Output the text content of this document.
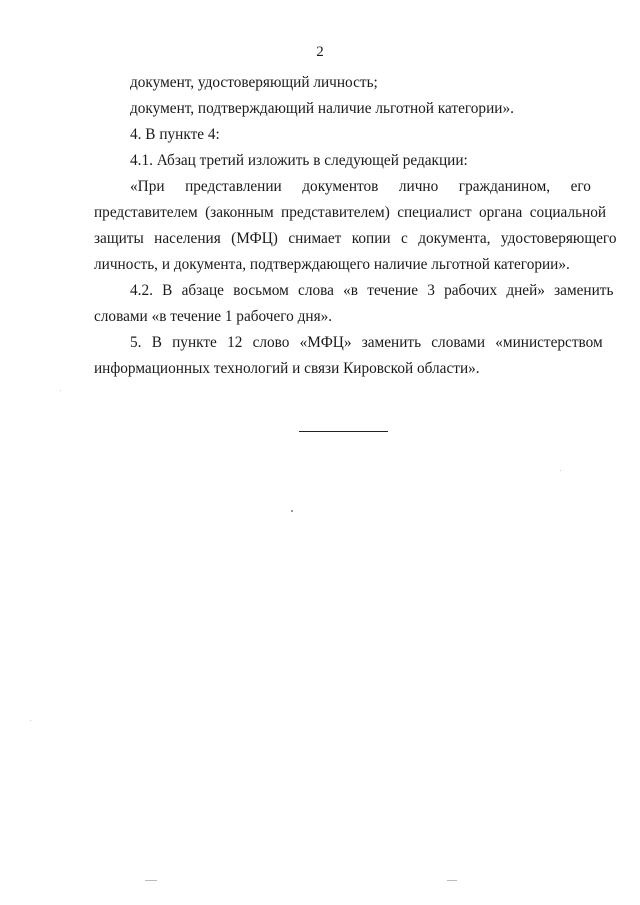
2
документ, удостоверяющий личность;
документ, подтверждающий наличие льготной категории».
4. В пункте 4:
4.1. Абзац третий изложить в следующей редакции:
«При представлении документов лично гражданином, его
представителем (законным представителем) специалист органа социальной
защиты населения (МФЦ) снимает копии с документа, удостоверяющего
личность, и документа, подтверждающего наличие льготной категории».
4.2. В абзаце восьмом слова «в течение 3 рабочих дней» заменить
словами «в течение 1 рабочего дня».
5. В пункте 12 слово «МФЦ» заменить словами «министерством
информационных технологий и связи Кировской области».
